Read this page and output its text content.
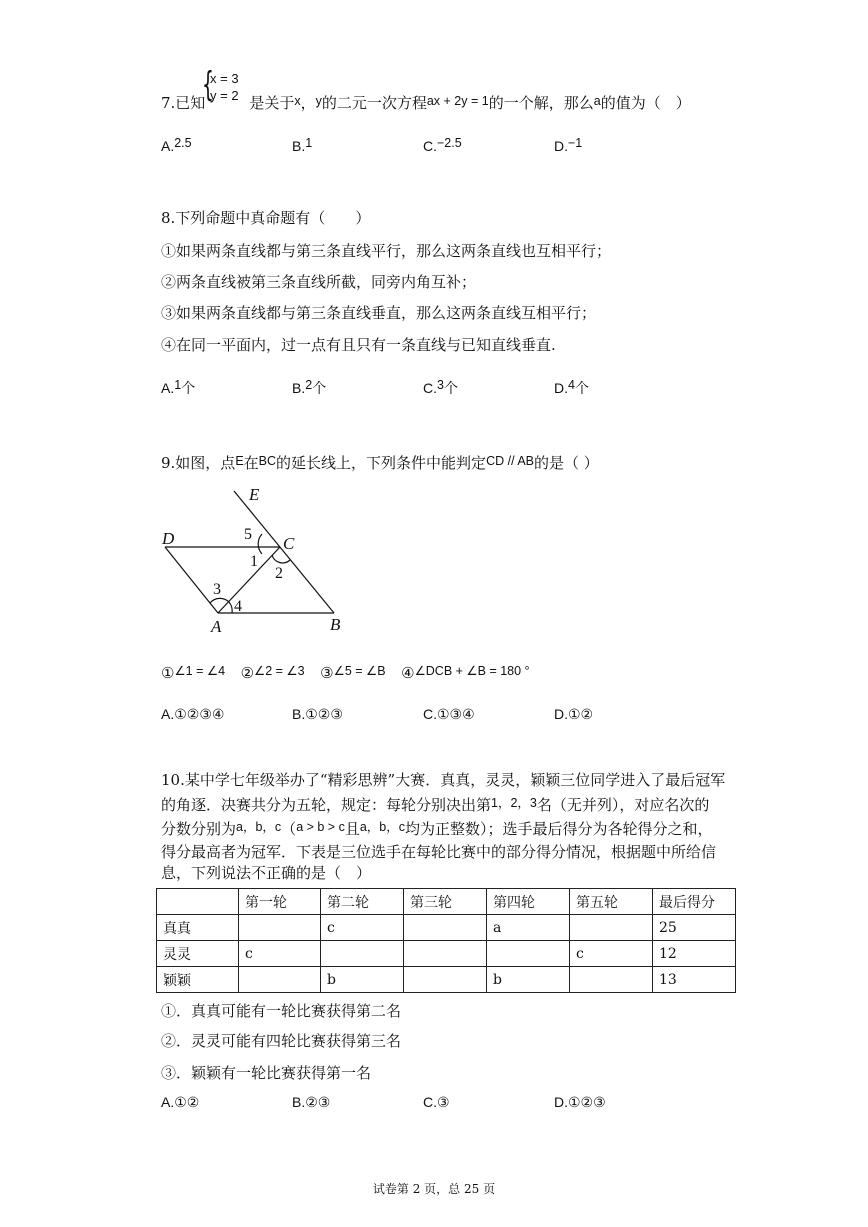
{
x = 3
y = 2
7.已知	是关于$^x$，$^y$的二元一次方程$^{ax + 2y = 1}$的一个解，那么$^a$的值为（　）
A.2.5	B.1	C.−2.5	D.−1
8.下列命题中真命题有（　　）
①如果两条直线都与第三条直线平行，那么这两条直线也互相平行；
②两条直线被第三条直线所截，同旁内角互补；
③如果两条直线都与第三条直线垂直，那么这两条直线互相平行；
④在同一平面内，过一点有且只有一条直线与已知直线垂直.
A.1个	B.2个	C.3个	D.4个
9.如图，点$^E$在$^{BC}$的延长线上，下列条件中能判定$^{CD // AB}$的是（ ）
E
D	C
A	B
5
1
2
3
4
①$^{\angle 1 = \angle 4}$ ②$^{\angle 2 = \angle 3}$ ③$^{\angle 5 = \angle B}$ ④$^{\angle DCB + \angle B = 180 ^\circ}$
A.①②③④	B.①②③	C.①③④	D.①②
10.某中学七年级举办了“精彩思辨”大赛．真真，灵灵，颖颖三位同学进入了最后冠军
的角逐．决赛共分为五轮，规定：每轮分别决出第$^{1,2,3}$名（无并列），对应名次的
分数分别为$^{a,b,c}$（$^{a > b > c}$且$^{a,b,c}$均为正整数）；选手最后得分为各轮得分之和，
得分最高者为冠军．下表是三位选手在每轮比赛中的部分得分情况，根据题中所给信
息，下列说法不正确的是（　）
	第一轮	第二轮	第三轮	第四轮	第五轮	最后得分
真真		c		a		25
灵灵	c				c	12
颖颖		b		b		13
①．真真可能有一轮比赛获得第二名
②．灵灵可能有四轮比赛获得第三名
③．颖颖有一轮比赛获得第一名
A.①②	B.②③	C.③	D.①②③
试卷第 2 页，总 25 页
